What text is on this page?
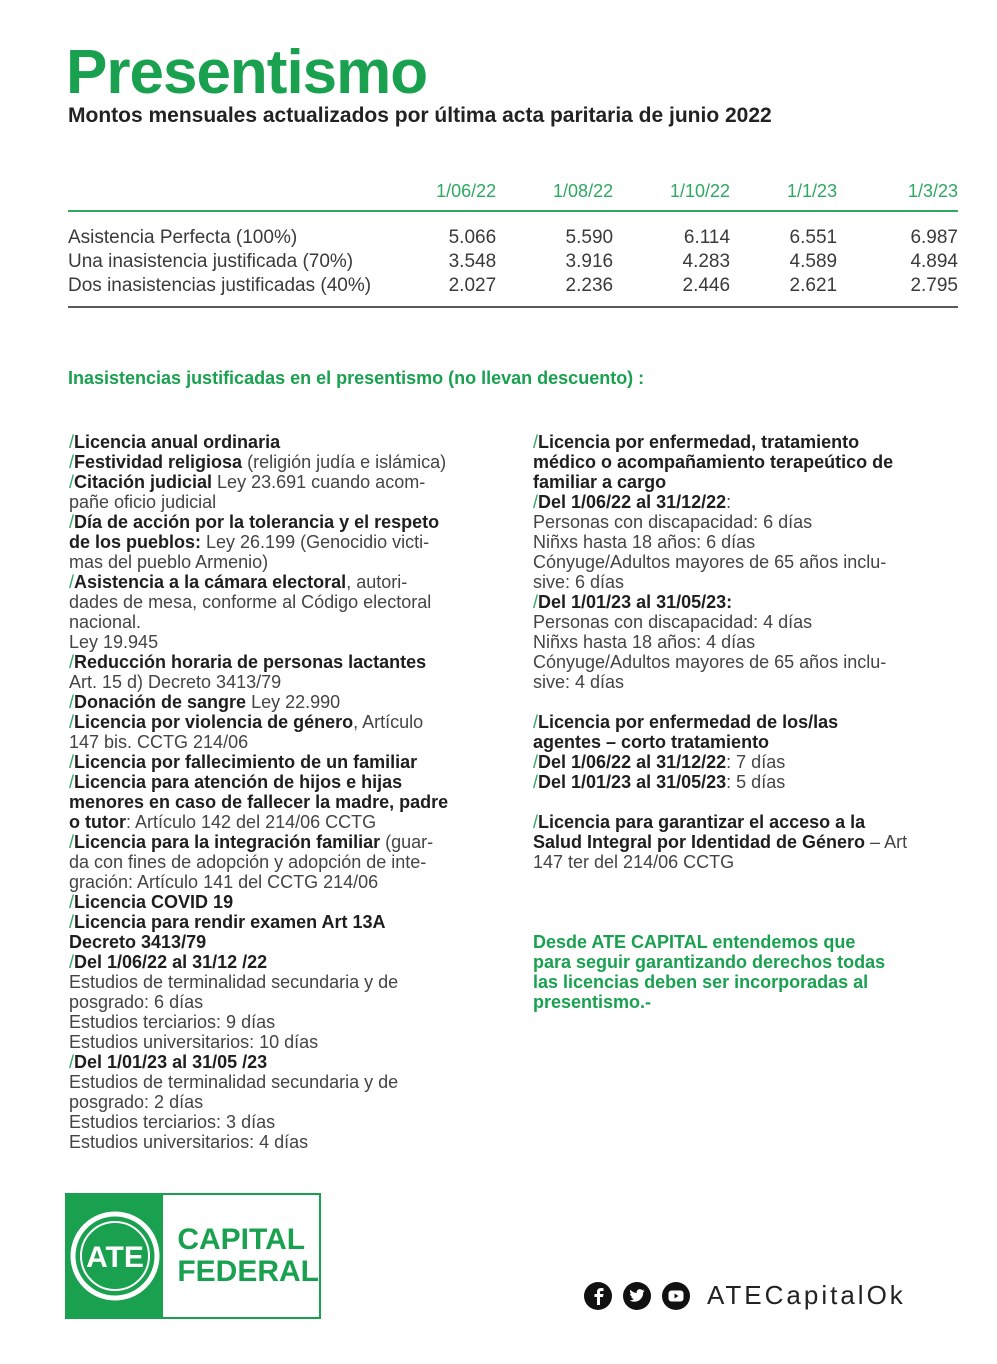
Presentismo
Montos mensuales actualizados por última acta paritaria de junio 2022
1/06/22	1/08/22	1/10/22	1/1/23	1/3/23
Asistencia Perfecta (100%)	5.066	5.590	6.114	6.551	6.987
Una inasistencia justificada (70%)	3.548	3.916	4.283	4.589	4.894
Dos inasistencias justificadas (40%)	2.027	2.236	2.446	2.621	2.795
Inasistencias justificadas en el presentismo (no llevan descuento) :
/Licencia anual ordinaria
/Festividad religiosa (religión judía e islámica)
/Citación judicial Ley 23.691 cuando acom-
pañe oficio judicial
/Día de acción por la tolerancia y el respeto
de los pueblos: Ley 26.199 (Genocidio victi-
mas del pueblo Armenio)
/Asistencia a la cámara electoral, autori-
dades de mesa, conforme al Código electoral
nacional.
Ley 19.945
/Reducción horaria de personas lactantes
Art. 15 d) Decreto 3413/79
/Donación de sangre Ley 22.990
/Licencia por violencia de género, Artículo
147 bis. CCTG 214/06
/Licencia por fallecimiento de un familiar
/Licencia para atención de hijos e hijas
menores en caso de fallecer la madre, padre
o tutor: Artículo 142 del 214/06 CCTG
/Licencia para la integración familiar (guar-
da con fines de adopción y adopción de inte-
gración: Artículo 141 del CCTG 214/06
/Licencia COVID 19
/Licencia para rendir examen Art 13A
Decreto 3413/79
/Del 1/06/22 al 31/12 /22
Estudios de terminalidad secundaria y de
posgrado: 6 días
Estudios terciarios: 9 días
Estudios universitarios: 10 días
/Del 1/01/23 al 31/05 /23
Estudios de terminalidad secundaria y de
posgrado: 2 días
Estudios terciarios: 3 días
Estudios universitarios: 4 días
/Licencia por enfermedad, tratamiento
médico o acompañamiento terapeútico de
familiar a cargo
/Del 1/06/22 al 31/12/22:
Personas con discapacidad: 6 días
Niñxs hasta 18 años: 6 días
Cónyuge/Adultos mayores de 65 años inclu-
sive: 6 días
/Del 1/01/23 al 31/05/23:
Personas con discapacidad: 4 días
Niñxs hasta 18 años: 4 días
Cónyuge/Adultos mayores de 65 años inclu-
sive: 4 días
/Licencia por enfermedad de los/las
agentes – corto tratamiento
/Del 1/06/22 al 31/12/22: 7 días
/Del 1/01/23 al 31/05/23: 5 días
/Licencia para garantizar el acceso a la
Salud Integral por Identidad de Género – Art
147 ter del 214/06 CCTG
Desde ATE CAPITAL entendemos que
para seguir garantizando derechos todas
las licencias deben ser incorporadas al
presentismo.-
ATE
CAPITAL
FEDERAL
ATECapitalOk
